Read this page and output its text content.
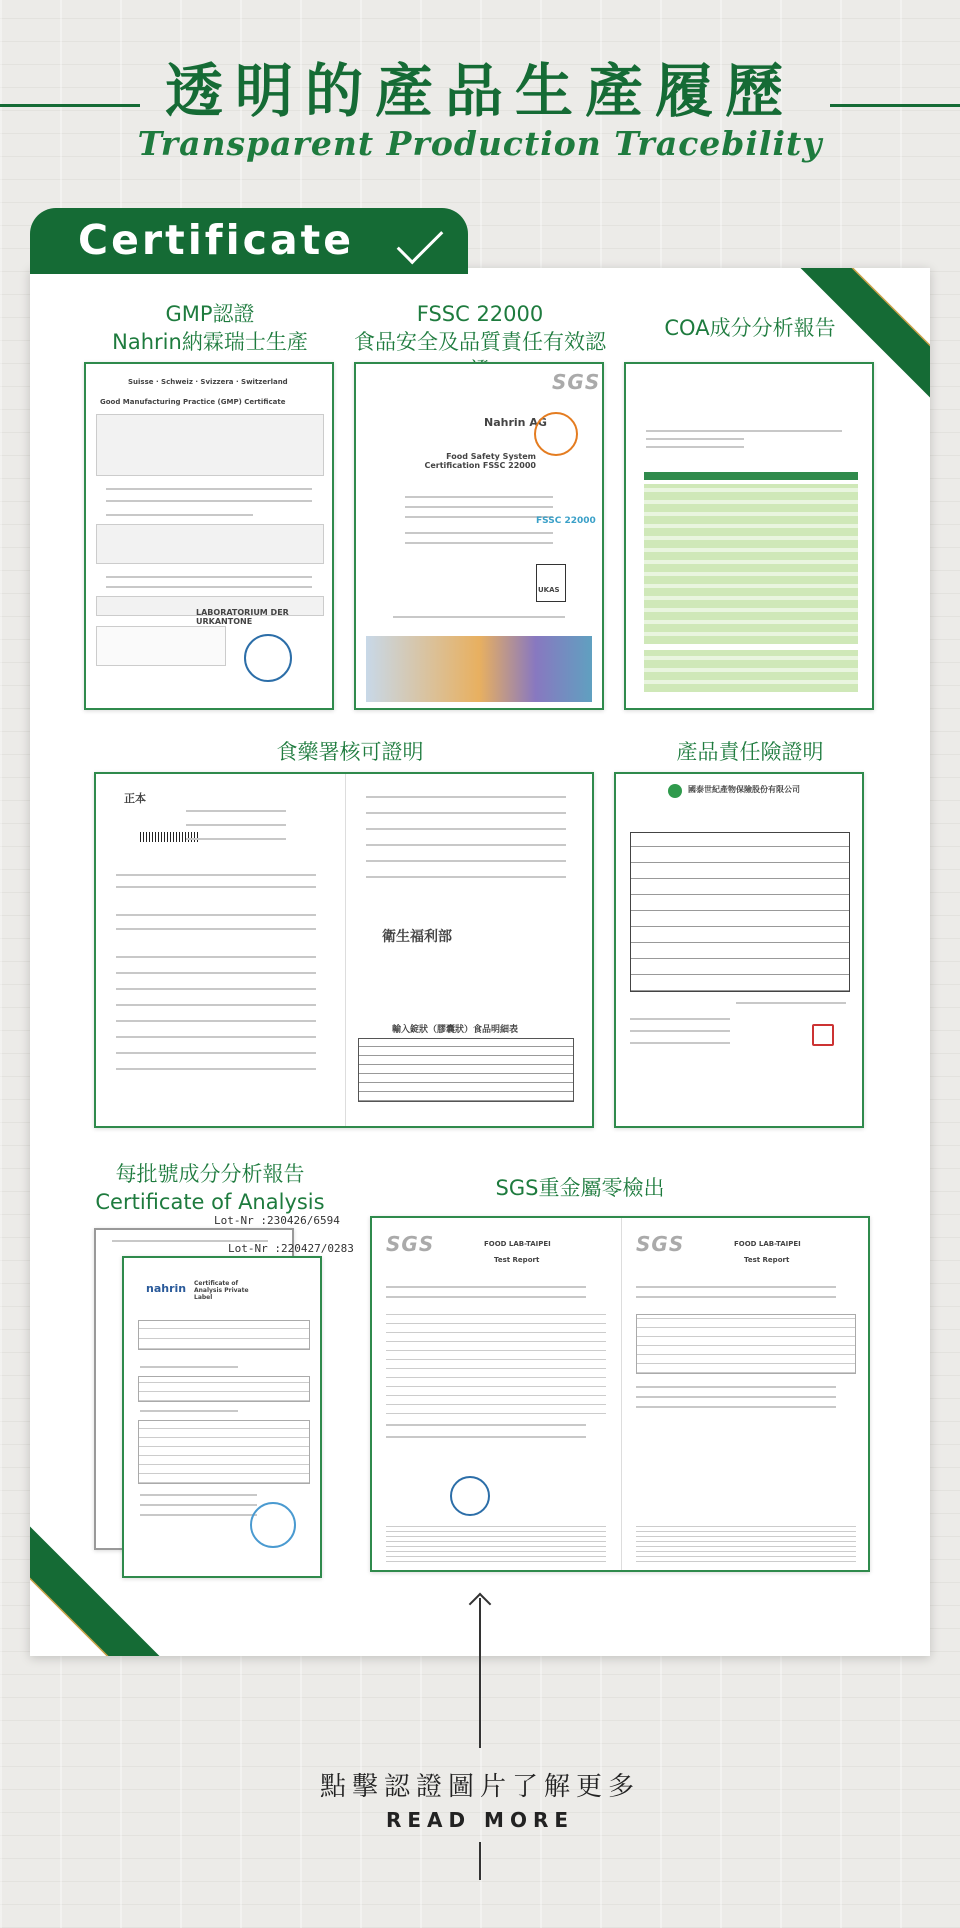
透明的產品生產履歷
Transparent Production Tracebility
GMP認證
Nahrin納霖瑞士生產
FSSC 22000
食品安全及品質責任有效認
COA成分分析報告
Suisse · Schweiz · Svizzera · Switzerland
Good Manufacturing Practice (GMP) Certificate
LABORATORIUM DER URKANTONE
SGS
Nahrin AG
Food Safety System Certification FSSC 22000
FSSC 22000
UKAS
食藥署核可證明	產品責任險證明
正本
衛生福利部
輸入錠狀（膠囊狀）食品明細表
國泰世紀產物保險股份有限公司
每批號成分分析報告
Certificate of Analysis
SGS重金屬零檢出
Lot-Nr :230426/6594
Lot-Nr :220427/0283
nahrin Certificate of Analysis Private Label
SGS	FOOD LAB-TAIPEI
Test Report
SGS	FOOD LAB-TAIPEI
Test Report
Certificate
點擊認證圖片了解更多
READ MORE
